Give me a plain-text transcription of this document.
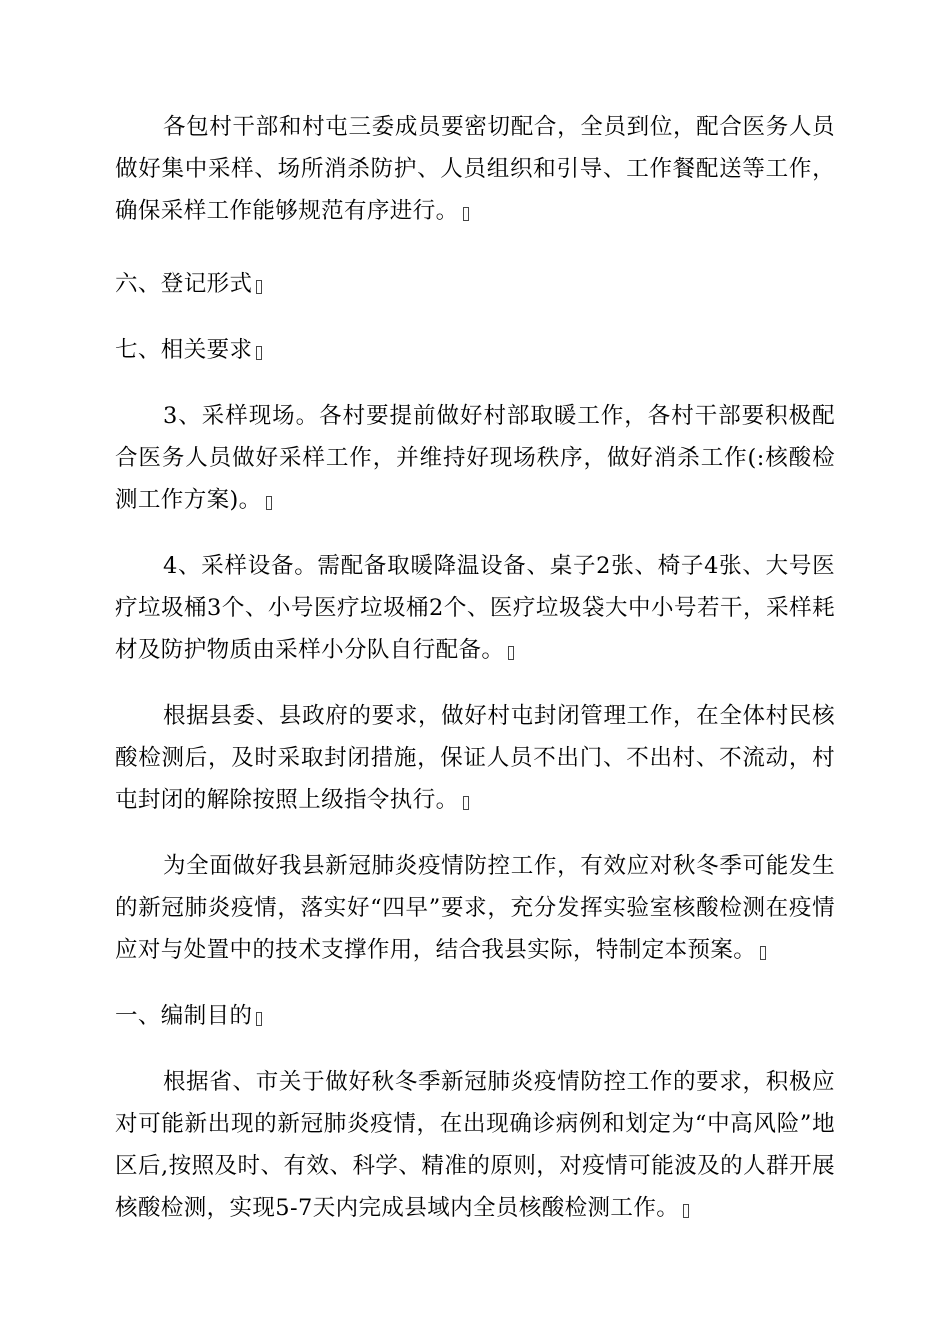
各包村干部和村屯三委成员要密切配合，全员到位，配合医务人员做好集中采样、场所消杀防护、人员组织和引导、工作餐配送等工作，确保采样工作能够规范有序进行。

六、登记形式

七、相关要求

3、采样现场。各村要提前做好村部取暖工作，各村干部要积极配合医务人员做好采样工作，并维持好现场秩序，做好消杀工作(:核酸检测工作方案)。

4、采样设备。需配备取暖降温设备、桌子2张、椅子4张、大号医疗垃圾桶3个、小号医疗垃圾桶2个、医疗垃圾袋大中小号若干，采样耗材及防护物质由采样小分队自行配备。

根据县委、县政府的要求，做好村屯封闭管理工作，在全体村民核酸检测后，及时采取封闭措施，保证人员不出门、不出村、不流动，村屯封闭的解除按照上级指令执行。

为全面做好我县新冠肺炎疫情防控工作，有效应对秋冬季可能发生的新冠肺炎疫情，落实好“四早”要求，充分发挥实验室核酸检测在疫情应对与处置中的技术支撑作用，结合我县实际，特制定本预案。

一、编制目的

根据省、市关于做好秋冬季新冠肺炎疫情防控工作的要求，积极应对可能新出现的新冠肺炎疫情，在出现确诊病例和划定为“中高风险”地区后,按照及时、有效、科学、精准的原则，对疫情可能波及的人群开展核酸检测，实现5-7天内完成县域内全员核酸检测工作。
